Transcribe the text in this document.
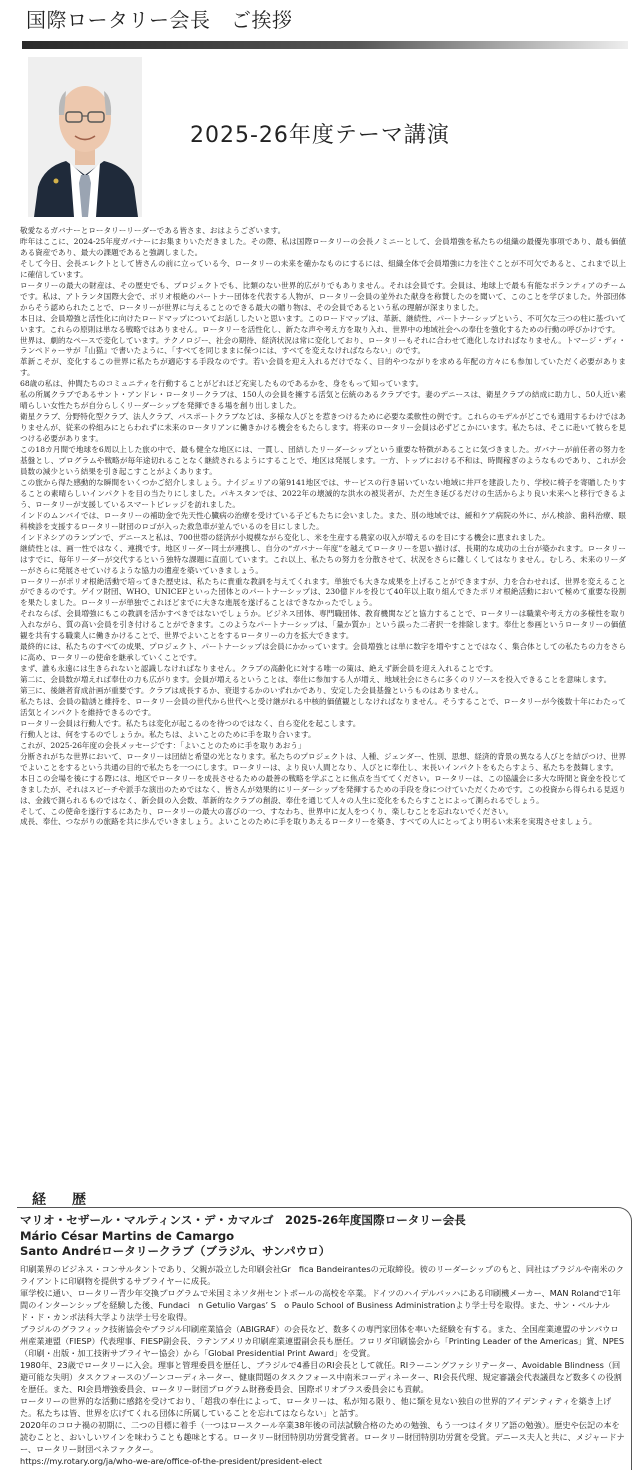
国際ロータリー会長　ご挨拶
2025-26年度テーマ講演

敬愛なるガバナーとロータリーリーダーである皆さま、おはようございます。

昨年はここに、2024-25年度ガバナーにお集まりいただきました。その際、私は国際ロータリーの会長ノミニーとして、会員増強を私たちの組織の最優先事項であり、最も価値ある資産であり、最大の課題であると強調しました。

そして今日、会長エレクトとして皆さんの前に立っている今、ロータリーの未来を確かなものにするには、組織全体で会員増強に力を注ぐことが不可欠であると、これまで以上に確信しています。

ロータリーの最大の財産は、その歴史でも、プロジェクトでも、比類のない世界的広がりでもありません。それは会員です。会員は、地球上で最も有能なボランティアのチームです。私は、アトランタ国際大会で、ポリオ根絶のパートナー団体を代表する人物が、ロータリー会員の並外れた献身を称賛したのを聞いて、このことを学びました。外部団体からそう認められたことで、ロータリーが世界に与えることのできる最大の贈り物は、その会員であるという私の理解が深まりました。

本日は、会員増強と活性化に向けたロードマップについてお話ししたいと思います。このロードマップは、革新、継続性、パートナーシップという、不可欠な三つの柱に基づいています。これらの原則は単なる戦略ではありません。ロータリーを活性化し、新たな声や考え方を取り入れ、世界中の地域社会への奉仕を強化するための行動の呼びかけです。

世界は、劇的なペースで変化しています。テクノロジー、社会の期待、経済状況は常に変化しており、ロータリーもそれに合わせて進化しなければなりません。トマージ・ディ・ランペドゥーサが『山猫』で書いたように、「すべてを同じままに保つには、すべてを変えなければならない」のです。

革新こそが、変化するこの世界に私たちが適応する手段なのです。若い会員を迎え入れるだけでなく、目的やつながりを求める年配の方々にも参加していただく必要があります。

68歳の私は、仲間たちのコミュニティを行動することがどれほど充実したものであるかを、身をもって知っています。

私の所属クラブであるサント・アンドレ・ロータリークラブは、150人の会員を擁する活気と伝統のあるクラブです。妻のデニースは、衛星クラブの結成に助力し、50人近い素晴らしい女性たちが自分らしくリーダーシップを発揮できる場を創り出しました。

衛星クラブ、分野特化型クラブ、法人クラブ、パスポートクラブなどは、多様な人びとを惹きつけるために必要な柔軟性の例です。これらのモデルがどこでも通用するわけではありませんが、従来の枠組みにとらわれずに未来のロータリアンに働きかける機会をもたらします。将来のロータリー会員は必ずどこかにいます。私たちは、そこに赴いて彼らを見つける必要があります。

この18カ月間で地球を6周以上した旅の中で、最も健全な地区には、一貫し、団結したリーダーシップという重要な特徴があることに気づきました。ガバナーが前任者の努力を基盤とし、プログラムや戦略が毎年途切れることなく継続されるようにすることで、地区は発展します。一方、トップにおける不和は、時間稼ぎのようなものであり、これが会員数の減少という結果を引き起こすことがよくあります。

この旅から得た感動的な瞬間をいくつかご紹介しましょう。ナイジェリアの第9141地区では、サービスの行き届いていない地域に井戸を建設したり、学校に椅子を寄贈したりすることの素晴らしいインパクトを目の当たりにしました。パキスタンでは、2022年の壊滅的な洪水の被災者が、ただ生き延びるだけの生活からより良い未来へと移行できるよう、ロータリーが支援しているスマートビレッジを訪れました。

インドのムンバイでは、ロータリーの補助金で先天性心臓病の治療を受けている子どもたちに会いました。また、別の地域では、緩和ケア病院の外に、がん検診、歯科治療、眼科検診を支援するロータリー財団のロゴが入った救急車が並んでいるのを目にしました。

インドネシアのランプンで、デニースと私は、700世帯の経済が小規模ながら変化し、米を生産する農家の収入が増えるのを目にする機会に恵まれました。

継続性とは、画一性ではなく、連携です。地区リーダー同士が連携し、自分の“ガバナー年度”を越えてロータリーを思い描けば、長期的な成功の土台が築かれます。ロータリーはすでに、毎年リーダーが交代するという独特な課題に直面しています。これ以上、私たちの努力を分散させて、状況をさらに難しくしてはなりません。むしろ、未来のリーダーがさらに発展させていけるような協力の遺産を築いていきましょう。

ロータリーがポリオ根絶活動で培ってきた歴史は、私たちに貴重な教訓を与えてくれます。単独でも大きな成果を上げることができますが、力を合わせれば、世界を変えることができるのです。ゲイツ財団、WHO、UNICEFといった団体とのパートナーシップは、230億ドルを投じて40年以上取り組んできたポリオ根絶活動において極めて重要な役割を果たしました。ロータリーが単独でこれほどまでに大きな進展を遂げることはできなかったでしょう。

それならば、会員増強にもこの教訓を活かすべきではないでしょうか。ビジネス団体、専門職団体、教育機関などと協力することで、ロータリーは職業や考え方の多様性を取り入れながら、質の高い会員を引き付けることができます。このようなパートナーシップは、「量か質か」という誤った二者択一を排除します。奉仕と参画というロータリーの価値観を共有する職業人に働きかけることで、世界でよいことをするロータリーの力を拡大できます。

最終的には、私たちのすべての成果、プロジェクト、パートナーシップは会員にかかっています。会員増強とは単に数字を増やすことではなく、集合体としての私たちの力をさらに高め、ロータリーの使命を継承していくことです。

まず、誰も永遠には生きられないと認識しなければなりません。クラブの高齢化に対する唯一の策は、絶えず新会員を迎え入れることです。

第二に、会員数が増えれば奉仕の力も広がります。会員が増えるということは、奉仕に参加する人が増え、地域社会にさらに多くのリソースを投入できることを意味します。

第三に、後継者育成計画が重要です。クラブは成長するか、衰退するかのいずれかであり、安定した会員基盤というものはありません。

私たちは、会員の勧誘と維持を、ロータリー会員の世代から世代へと受け継がれる中核的価値観としなければなりません。そうすることで、ロータリーが今後数十年にわたって活気とインパクトを維持できるのです。

ロータリー会員は行動人です。私たちは変化が起こるのを待つのではなく、自ら変化を起こします。

行動人とは、何をするのでしょうか。私たちは、よいことのために手を取り合います。

これが、2025-26年度の会長メッセージです：「よいことのために手を取りあおう」

分断されがちな世界において、ロータリーは団結と希望の光となります。私たちのプロジェクトは、人種、ジェンダー、性別、思想、経済的背景の異なる人びとを結びつけ、世界でよいことをするという共通の目的で私たちを一つにします。ロータリーは、より良い人間となり、人びとに奉仕し、末長いインパクトをもたらすよう、私たちを鼓舞します。

本日この会場を後にする際には、地区でロータリーを成長させるための最善の戦略を学ぶことに焦点を当ててください。ロータリーは、この協議会に多大な時間と資金を投じてきましたが、それはスピーチや派手な演出のためではなく、皆さんが効果的にリーダーシップを発揮するための手段を身につけていただくためです。この投資から得られる見返りは、金銭で測られるものではなく、新会員の入会数、革新的なクラブの創設、奉仕を通じて人々の人生に変化をもたらすことによって測られるでしょう。

そして、この使命を遂行するにあたり、ロータリーの最大の喜びの一つ、すなわち、世界中に友人をつくり、楽しむことを忘れないでください。

成長、奉仕、つながりの旅路を共に歩んでいきましょう。よいことのために手を取りあえるロータリーを築き、すべての人にとってより明るい未来を実現させましょう。

経　歴
マリオ・セザール・マルティンス・デ・カマルゴ　2025-26年度国際ロータリー会長
Mário César Martins de Camargo
Santo Andréロータリークラブ（ブラジル、サンパウロ）

印刷業界のビジネス・コンサルタントであり、父親が設立した印刷会社Gr　fica Bandeirantesの元取締役。彼のリーダーシップのもと、同社はブラジルや南米のクライアントに印刷物を提供するサプライヤーに成長。

軍学校に通い、ロータリー青少年交換プログラムで米国ミネソタ州セントポールの高校を卒業。ドイツのハイデルバッハにある印刷機メーカー、MAN Rolandで1年間のインターンシップを経験した後、Fundaci　n Getulio Vargas’ S　o Paulo School of Business Administrationより学士号を取得。また、サン・ベルナルド・ド・カンポ法科大学より法学士号を取得。

ブラジルのグラフィック技術協会やブラジル印刷産業協会（ABIGRAF）の会長など、数多くの専門家団体を率いた経験を有する。また、全国産業連盟のサンパウロ州産業連盟（FIESP）代表理事、FIESP副会長、ラテンアメリカ印刷産業連盟副会長も歴任。フロリダ印刷協会から「Printing Leader of the Americas」賞、NPES（印刷・出版・加工技術サプライヤー協会）から「Global Presidential Print Award」を受賞。

1980年、23歳でロータリーに入会。理事と管理委員を歴任し、ブラジルで4番目のRI会長として就任。RIラーニングファシリテーター、Avoidable Blindness（回避可能な失明）タスクフォースのゾーンコーディネーター、健康問題のタスクフォース中南米コーディネーター、RI会長代理、規定審議会代表議員など数多くの役割を歴任。また、RI会員増強委員会、ロータリー財団プログラム財務委員会、国際ポリオプラス委員会にも貢献。

ロータリーの世界的な活動に感銘を受けており、「超我の奉仕によって、ロータリーは、私が知る限り、他に類を見ない独自の世界的アイデンティティを築き上げた。私たちは皆、世界を広げてくれる団体に所属していることを忘れてはならない」と話す。

2020年のコロナ禍の初期に、二つの目標に着手（一つはロースクール卒業38年後の司法試験合格のための勉強、もう一つはイタリア語の勉強）。歴史や伝記の本を読むことと、おいしいワインを味わうことも趣味とする。ロータリー財団特別功労賞受賞者。ロータリー財団特別功労賞を受賞。デニース夫人と共に、メジャードナー、ロータリー財団ベネファクター。

https://my.rotary.org/ja/who-we-are/office-of-the-president/president-elect
